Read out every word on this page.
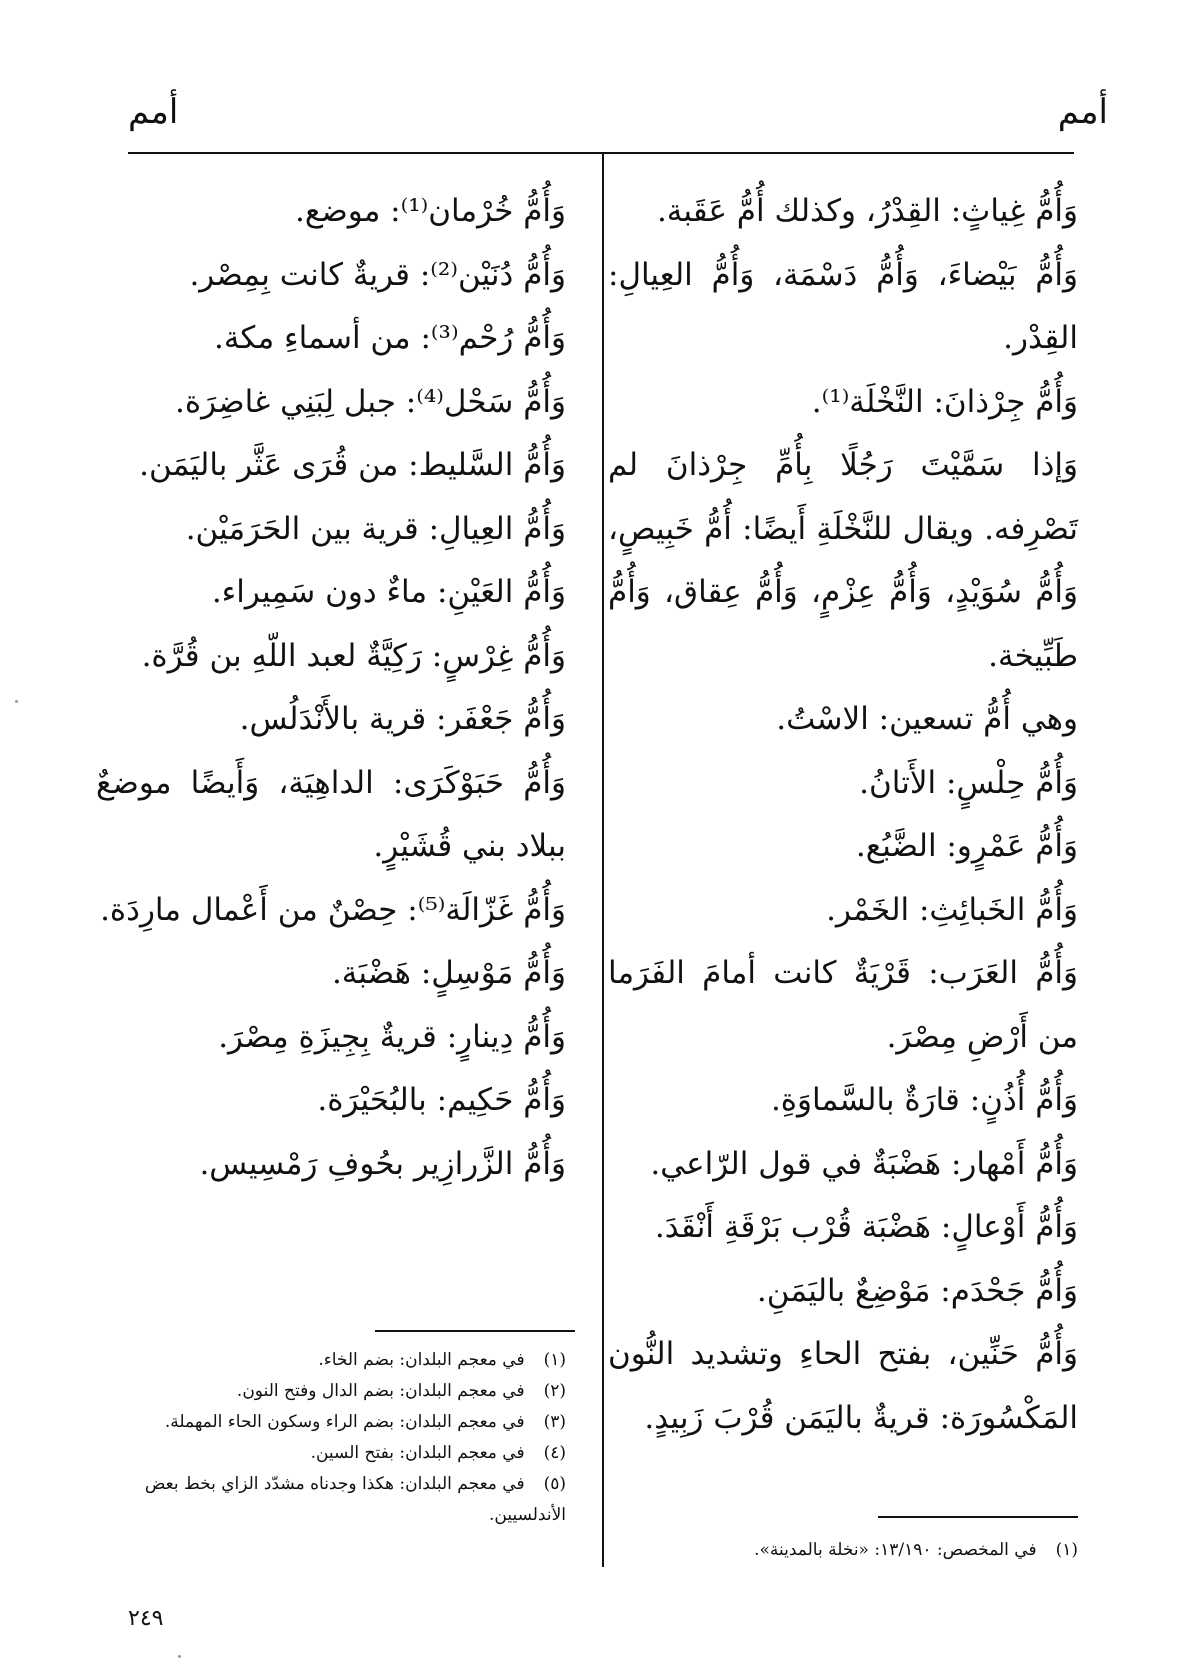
أمم
أمم

وَأُمُّ غِياثٍ: القِدْرُ، وكذلك أُمُّ عَقَبة.

وَأُمُّ بَيْضاءَ، وَأُمُّ دَسْمَة، وَأُمُّ العِيالِ: القِدْر.

وَأُمُّ جِرْذانَ: النَّخْلَة⁽¹⁾.

وَإذا سَمَّيْتَ رَجُلًا بِأُمِّ جِرْذانَ لم تَصْرِفه. ويقال للنَّخْلَةِ أَيضًا: أُمُّ خَبِيصٍ، وَأُمُّ سُوَيْدٍ، وَأُمُّ عِزْمٍ، وَأُمُّ عِقاق، وَأُمُّ طَبِّيخة.

وهي أُمُّ تسعين: الاسْتُ.

وَأُمُّ حِلْسٍ: الأَتانُ.

وَأُمُّ عَمْرٍو: الضَّبُع.

وَأُمُّ الخَبائِثِ: الخَمْر.

وَأُمُّ العَرَب: قَرْيَةٌ كانت أمامَ الفَرَما من أَرْضِ مِصْرَ.

وَأُمُّ أُذُنٍ: قارَةٌ بالسَّماوَةِ.

وَأُمُّ أَمْهار: هَضْبَةٌ في قول الرّاعي.

وَأُمُّ أَوْعالٍ: هَضْبَة قُرْب بَرْقَةِ أَنْقَدَ.

وَأُمُّ جَحْدَم: مَوْضِعٌ باليَمَنِ.

وَأُمُّ حَنِّين، بفتح الحاءِ وتشديد النُّون المَكْسُورَة: قريةٌ باليَمَن قُرْبَ زَبِيدٍ.

وَأُمُّ خُرْمان⁽¹⁾: موضع.

وَأُمُّ دُنَيْن⁽²⁾: قريةٌ كانت بِمِصْر.

وَأُمُّ رُحْم⁽³⁾: من أسماءِ مكة.

وَأُمُّ سَحْل⁽⁴⁾: جبل لِبَنِي غاضِرَة.

وَأُمُّ السَّليط: من قُرَى عَثَّر باليَمَن.

وَأُمُّ العِيالِ: قرية بين الحَرَمَيْن.

وَأُمُّ العَيْنِ: ماءٌ دون سَمِيراء.

وَأُمُّ غِرْسٍ: رَكِيَّةٌ لعبد اللّهِ بن قُرَّة.

وَأُمُّ جَعْفَر: قرية بالأَنْدَلُس.

وَأُمُّ حَبَوْكَرَى: الداهِيَة، وَأَيضًا موضعٌ ببلاد بني قُشَيْرٍ.

وَأُمُّ غَزّالَة⁽⁵⁾: حِصْنٌ من أَعْمال مارِدَة.

وَأُمُّ مَوْسِلٍ: هَضْبَة.

وَأُمُّ دِينارٍ: قريةٌ بِجِيزَةِ مِصْرَ.

وَأُمُّ حَكِيم: بالبُحَيْرَة.

وَأُمُّ الزَّرازِير بحُوفِ رَمْسِيس.

(١) في المخصص: ١٣/١٩٠: «نخلة بالمدينة».

(١) في معجم البلدان: بضم الخاء.

(٢) في معجم البلدان: بضم الدال وفتح النون.

(٣) في معجم البلدان: بضم الراء وسكون الحاء المهملة.

(٤) في معجم البلدان: بفتح السين.

(٥) في معجم البلدان: هكذا وجدناه مشدّد الزاي بخط بعض الأندلسيين.

٢٤٩
